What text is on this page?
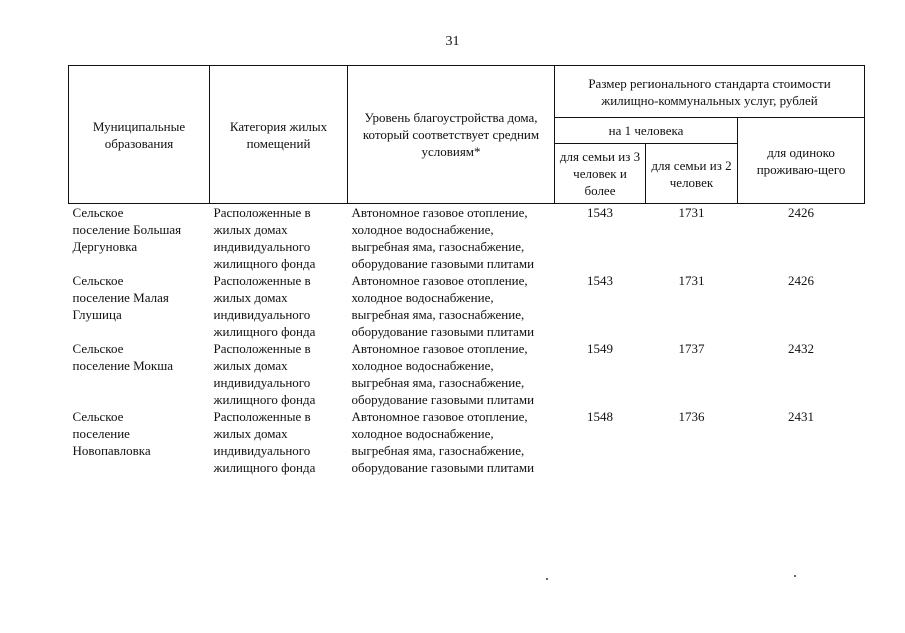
31
Муниципальные образования	Категория жилых помещений	Уровень благоустройства дома, который соответствует средним условиям*	Размер регионального стандарта стоимости жилищно-коммунальных услуг, рублей		
			на 1 человека		для одиноко проживаю-щего
			для семьи из 3 человек и более	для семьи из 2 человек	

Сельское
поселение Большая
Дергуновка	Расположенные в
жилых домах
индивидуального
жилищного фонда	Автономное газовое отопление,
холодное водоснабжение,
выгребная яма, газоснабжение,
оборудование газовыми плитами	1543	1731	2426

Сельское
поселение Малая
Глушица	Расположенные в
жилых домах
индивидуального
жилищного фонда	Автономное газовое отопление,
холодное водоснабжение,
выгребная яма, газоснабжение,
оборудование газовыми плитами	1543	1731	2426

Сельское
поселение Мокша	Расположенные в
жилых домах
индивидуального
жилищного фонда	Автономное газовое отопление,
холодное водоснабжение,
выгребная яма, газоснабжение,
оборудование газовыми плитами	1549	1737	2432

Сельское
поселение
Новопавловка	Расположенные в
жилых домах
индивидуального
жилищного фонда	Автономное газовое отопление,
холодное водоснабжение,
выгребная яма, газоснабжение,
оборудование газовыми плитами	1548	1736	2431
